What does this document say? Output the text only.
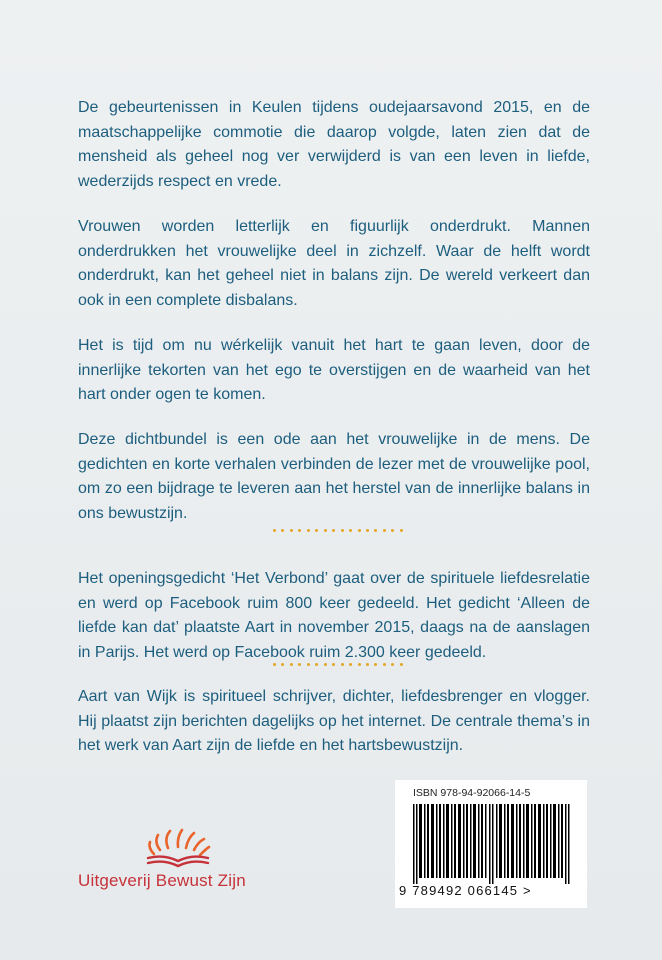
De gebeurtenissen in Keulen tijdens oudejaarsavond 2015, en de maatschappelijke commotie die daarop volgde, laten zien dat de mensheid als geheel nog ver verwijderd is van een leven in liefde, wederzijds respect en vrede.

Vrouwen worden letterlijk en figuurlijk onderdrukt. Mannen onderdrukken het vrouwelijke deel in zichzelf. Waar de helft wordt onderdrukt, kan het geheel niet in balans zijn. De wereld verkeert dan ook in een complete disbalans.

Het is tijd om nu wérkelijk vanuit het hart te gaan leven, door de innerlijke tekorten van het ego te overstijgen en de waarheid van het hart onder ogen te komen.

Deze dichtbundel is een ode aan het vrouwelijke in de mens. De gedichten en korte verhalen verbinden de lezer met de vrouwelijke pool, om zo een bijdrage te leveren aan het herstel van de innerlijke balans in ons bewustzijn.

Het openingsgedicht ‘Het Verbond’ gaat over de spirituele liefdesrelatie en werd op Facebook ruim 800 keer gedeeld. Het gedicht ‘Alleen de liefde kan dat’ plaatste Aart in november 2015, daags na de aanslagen in Parijs. Het werd op Facebook ruim 2.300 keer gedeeld.

Aart van Wijk is spiritueel schrijver, dichter, liefdesbrenger en vlogger. Hij plaatst zijn berichten dagelijks op het internet. De centrale thema’s in het werk van Aart zijn de liefde en het hartsbewustzijn.

Uitgeverij Bewust Zijn
ISBN 978-94-92066-14-5
9 789492 066145 >
